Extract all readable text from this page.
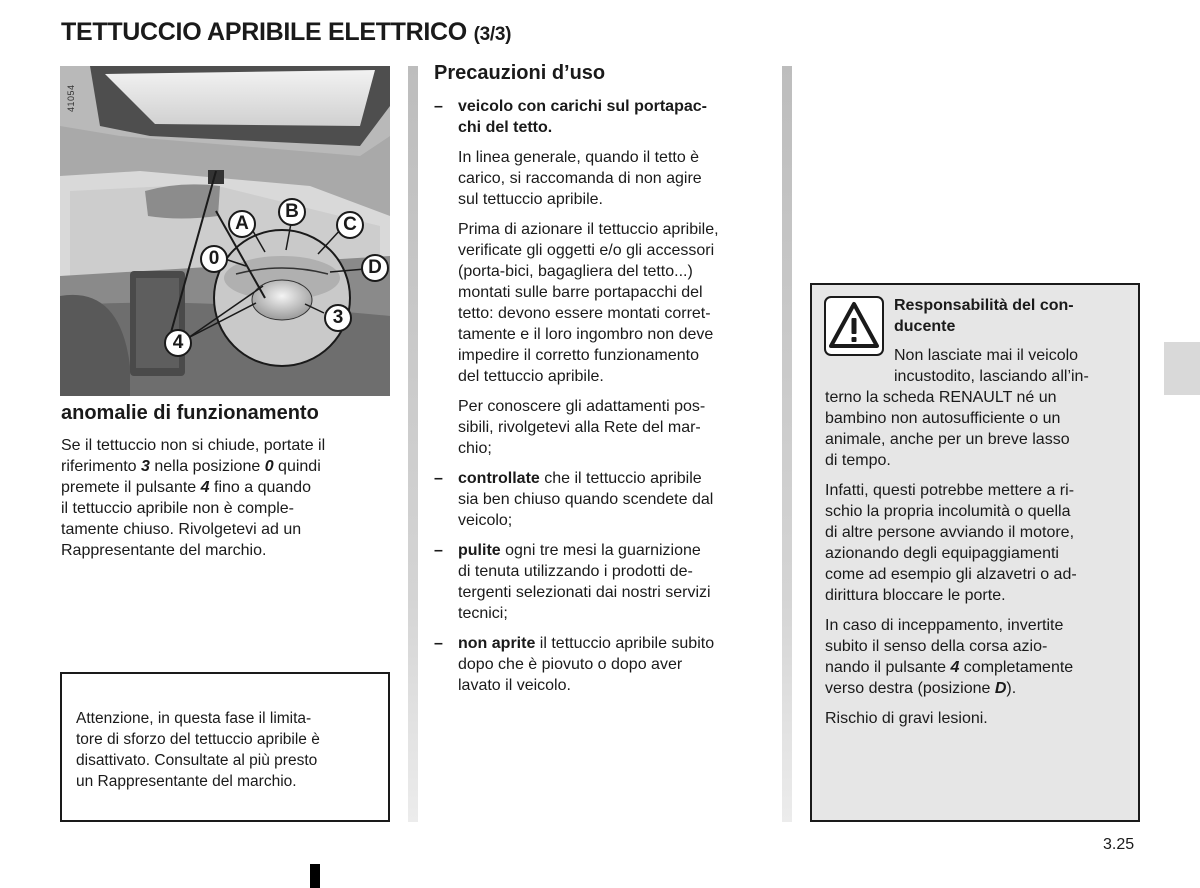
TETTUCCIO APRIBILE ELETTRICO (3/3)
A
B
C
0	D
3
4
41054
anomalie di funzionamento

Se il tettuccio non si chiude, portate il
riferimento 3 nella posizione 0 quindi
premete il pulsante 4 fino a quando
il tettuccio apribile non è comple-
tamente chiuso. Rivolgetevi ad un
Rappresentante del marchio.

Attenzione, in questa fase il limita-
tore di sforzo del tettuccio apribile è
disattivato. Consultate al più presto
un Rappresentante del marchio.

Precauzioni d’uso
– veicolo con carichi sul portapac-
chi del tetto.

In linea generale, quando il tetto è
carico, si raccomanda di non agire
sul tettuccio apribile.

Prima di azionare il tettuccio apribile,
verificate gli oggetti e/o gli accessori
(porta-bici, bagagliera del tetto...)
montati sulle barre portapacchi del
tetto: devono essere montati corret-
tamente e il loro ingombro non deve
impedire il corretto funzionamento
del tettuccio apribile.

Per conoscere gli adattamenti pos-
sibili, rivolgetevi alla Rete del mar-
chio;

– controllate che il tettuccio apribile
sia ben chiuso quando scendete dal
veicolo;

– pulite ogni tre mesi la guarnizione
di tenuta utilizzando i prodotti de-
tergenti selezionati dai nostri servizi
tecnici;

– non aprite il tettuccio apribile subito
dopo che è piovuto o dopo aver
lavato il veicolo.

Responsabilità del con-
ducente
Non lasciate mai il veicolo
incustodito, lasciando all’in-

terno la scheda RENAULT né un
bambino non autosufficiente o un
animale, anche per un breve lasso
di tempo.

Infatti, questi potrebbe mettere a ri-
schio la propria incolumità o quella
di altre persone avviando il motore,
azionando degli equipaggiamenti
come ad esempio gli alzavetri o ad-
dirittura bloccare le porte.

In caso di inceppamento, invertite
subito il senso della corsa azio-
nando il pulsante 4 completamente
verso destra (posizione D).

Rischio di gravi lesioni.

3.25
